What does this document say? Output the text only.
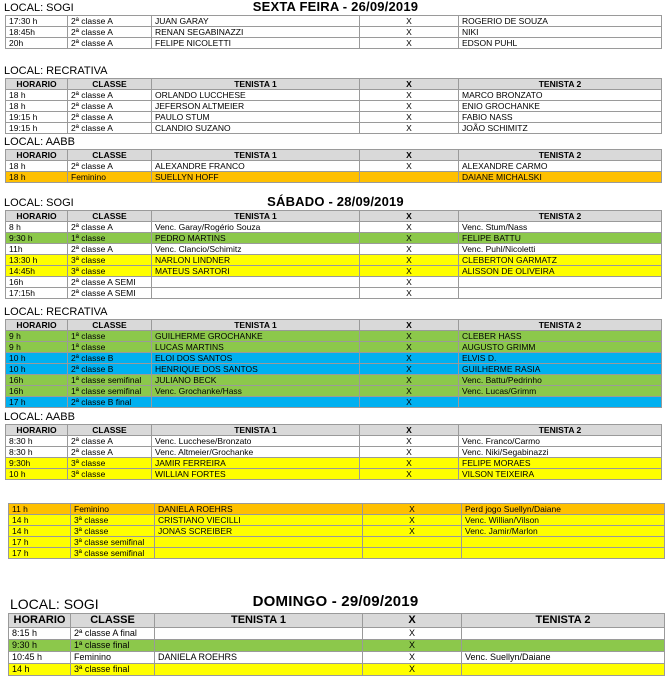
LOCAL: SOGI	SEXTA FEIRA - 26/09/2019
17:30 h	2ª classe A	JUAN GARAY	X	ROGERIO DE SOUZA
18:45h	2ª classe A	RENAN SEGABINAZZI	X	NIKI
20h	2ª classe A	FELIPE NICOLETTI	X	EDSON PUHL
LOCAL: RECRATIVA
HORARIO	CLASSE	TENISTA 1	X	TENISTA 2
18 h	2ª classe A	ORLANDO LUCCHESE	X	MARCO BRONZATO
18 h	2ª classe A	JEFERSON ALTMEIER	X	ENIO GROCHANKE
19:15 h	2ª classe A	PAULO STUM	X	FABIO NASS
19:15 h	2ª classe A	CLANDIO SUZANO	X	JOÃO SCHIMITZ
LOCAL: AABB
HORARIO	CLASSE	TENISTA 1	X	TENISTA 2
18 h	2ª classe A	ALEXANDRE FRANCO	X	ALEXANDRE CARMO
18 h	Feminino	SUELLYN HOFF		DAIANE MICHALSKI
LOCAL: SOGI	SÁBADO - 28/09/2019
HORARIO	CLASSE	TENISTA 1	X	TENISTA 2
8 h	2ª classe A	Venc. Garay/Rogério Souza	X	Venc. Stum/Nass
9:30 h	1ª classe	PEDRO MARTINS	X	FELIPE BATTU
11h	2ª classe A	Venc. Clancio/Schimitz	X	Venc. Puhl/Nicoletti
13:30 h	3ª classe	NARLON LINDNER	X	CLEBERTON GARMATZ
14:45h	3ª classe	MATEUS SARTORI	X	ALISSON DE OLIVEIRA
16h	2ª classe A SEMI		X	
17:15h	2ª classe A SEMI		X	
LOCAL: RECRATIVA
HORARIO	CLASSE	TENISTA 1	X	TENISTA 2
9 h	1ª classe	GUILHERME GROCHANKE	X	CLEBER HASS
9 h	1ª classe	LUCAS MARTINS	X	AUGUSTO GRIMM
10 h	2ª classe B	ELOI DOS SANTOS	X	ELVIS D.
10 h	2ª classe B	HENRIQUE DOS SANTOS	X	GUILHERME RASIA
16h	1ª classe semifinal	JULIANO BECK	X	Venc. Battu/Pedrinho
16h	1ª classe semifinal	Venc. Grochanke/Hass	X	Venc. Lucas/Grimm
17 h	2ª classe B final		X	
LOCAL: AABB
HORARIO	CLASSE	TENISTA 1	X	TENISTA 2
8:30 h	2ª classe A	Venc. Lucchese/Bronzato	X	Venc. Franco/Carmo
8:30 h	2ª classe A	Venc. Altmeier/Grochanke	X	Venc. Niki/Segabinazzi
9:30h	3ª classe	JAMIR FERREIRA	X	FELIPE MORAES
10 h	3ª classe	WILLIAN FORTES	X	VILSON TEIXEIRA
11 h	Feminino	DANIELA ROEHRS	X	Perd jogo Suellyn/Daiane
14 h	3ª classe	CRISTIANO VIECILLI	X	Venc. Willian/Vilson
14 h	3ª classe	JONAS SCREIBER	X	Venc. Jamir/Marlon
17 h	3ª classe semifinal			
17 h	3ª classe semifinal			
LOCAL: SOGI	DOMINGO - 29/09/2019
HORARIO	CLASSE	TENISTA 1	X	TENISTA 2
8:15 h	2ª classe A final		X	
9:30 h	1ª classe final		X	
10:45 h	Feminino	DANIELA ROEHRS	X	Venc. Suellyn/Daiane
14 h	3ª classe final		X	
